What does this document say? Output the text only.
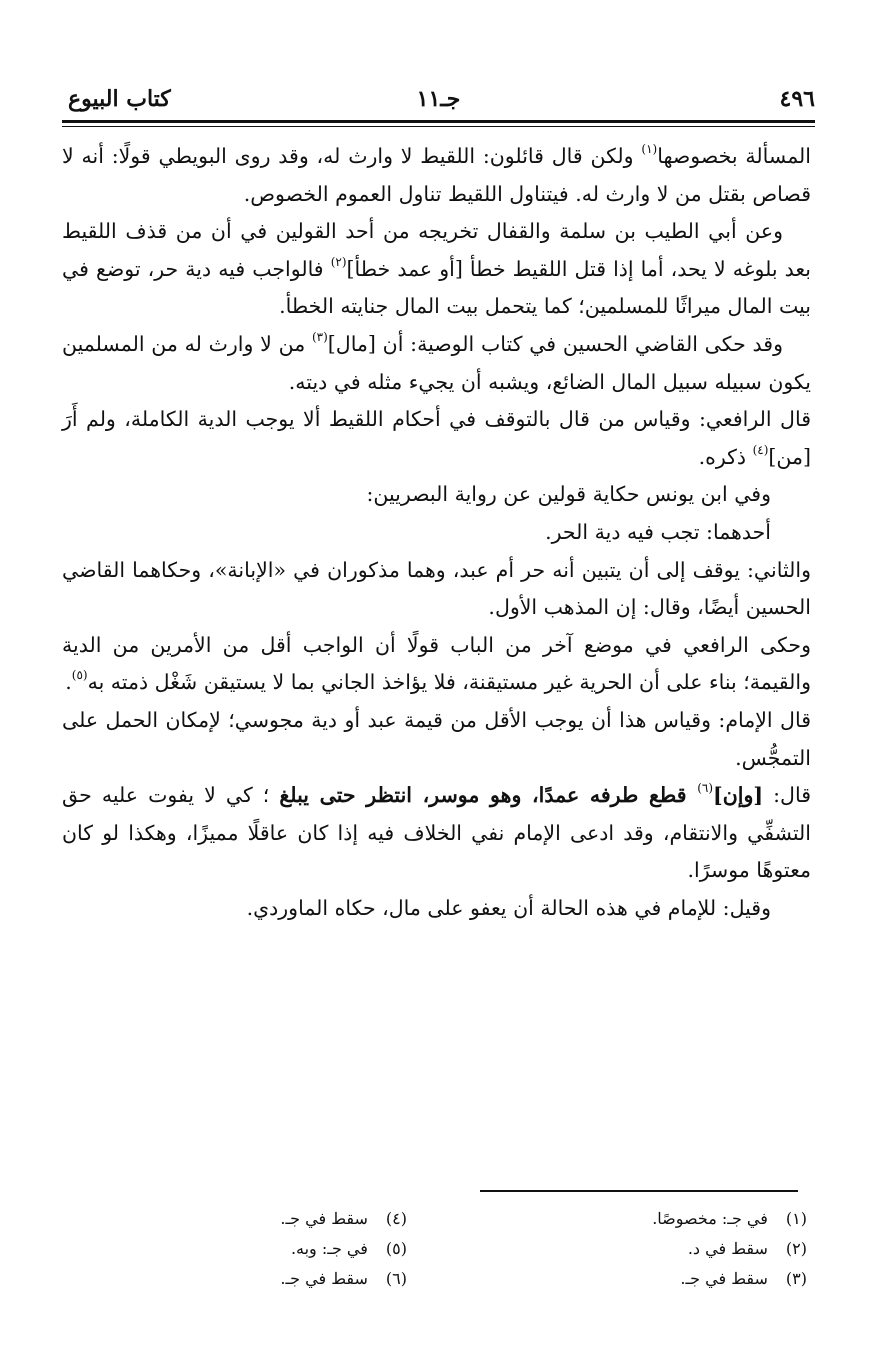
كتاب البيوع	جـ١١	٤٩٦

المسألة بخصوصها$^{(١)}$ ولكن قال قائلون: اللقيط لا وارث له، وقد روى البويطي قولًا: أنه لا قصاص بقتل من لا وارث له. فيتناول اللقيط تناول العموم الخصوص.

وعن أبي الطيب بن سلمة والقفال تخريجه من أحد القولين في أن من قذف اللقيط بعد بلوغه لا يحد، أما إذا قتل اللقيط خطأ [أو عمد خطأ]$^{(٢)}$ فالواجب فيه دية حر، توضع في بيت المال ميراثًا للمسلمين؛ كما يتحمل بيت المال جنايته الخطأ.

وقد حكى القاضي الحسين في كتاب الوصية: أن [مال]$^{(٣)}$ من لا وارث له من المسلمين يكون سبيله سبيل المال الضائع، ويشبه أن يجيء مثله في ديته.

قال الرافعي: وقياس من قال بالتوقف في أحكام اللقيط ألا يوجب الدية الكاملة، ولم أَرَ [من]$^{(٤)}$ ذكره.

وفي ابن يونس حكاية قولين عن رواية البصريين:

أحدهما: تجب فيه دية الحر.

والثاني: يوقف إلى أن يتبين أنه حر أم عبد، وهما مذكوران في «الإبانة»، وحكاهما القاضي الحسين أيضًا، وقال: إن المذهب الأول.

وحكى الرافعي في موضع آخر من الباب قولًا أن الواجب أقل من الأمرين من الدية والقيمة؛ بناء على أن الحرية غير مستيقنة، فلا يؤاخذ الجاني بما لا يستيقن شَغْل ذمته به$^{(٥)}$.

قال الإمام: وقياس هذا أن يوجب الأقل من قيمة عبد أو دية مجوسي؛ لإمكان الحمل على التمجُّس.

قال: [وإن]$^{(٦)}$ قطع طرفه عمدًا، وهو موسر، انتظر حتى يبلغ ؛ كي لا يفوت عليه حق التشفِّي والانتقام، وقد ادعى الإمام نفي الخلاف فيه إذا كان عاقلًا مميزًا، وهكذا لو كان معتوهًا موسرًا.

وقيل: للإمام في هذه الحالة أن يعفو على مال، حكاه الماوردي.

(١) في جـ: مخصوصًا.
(٢) سقط في د.
(٣) سقط في جـ.
(٤) سقط في جـ.
(٥) في جـ: وبه.
(٦) سقط في جـ.
